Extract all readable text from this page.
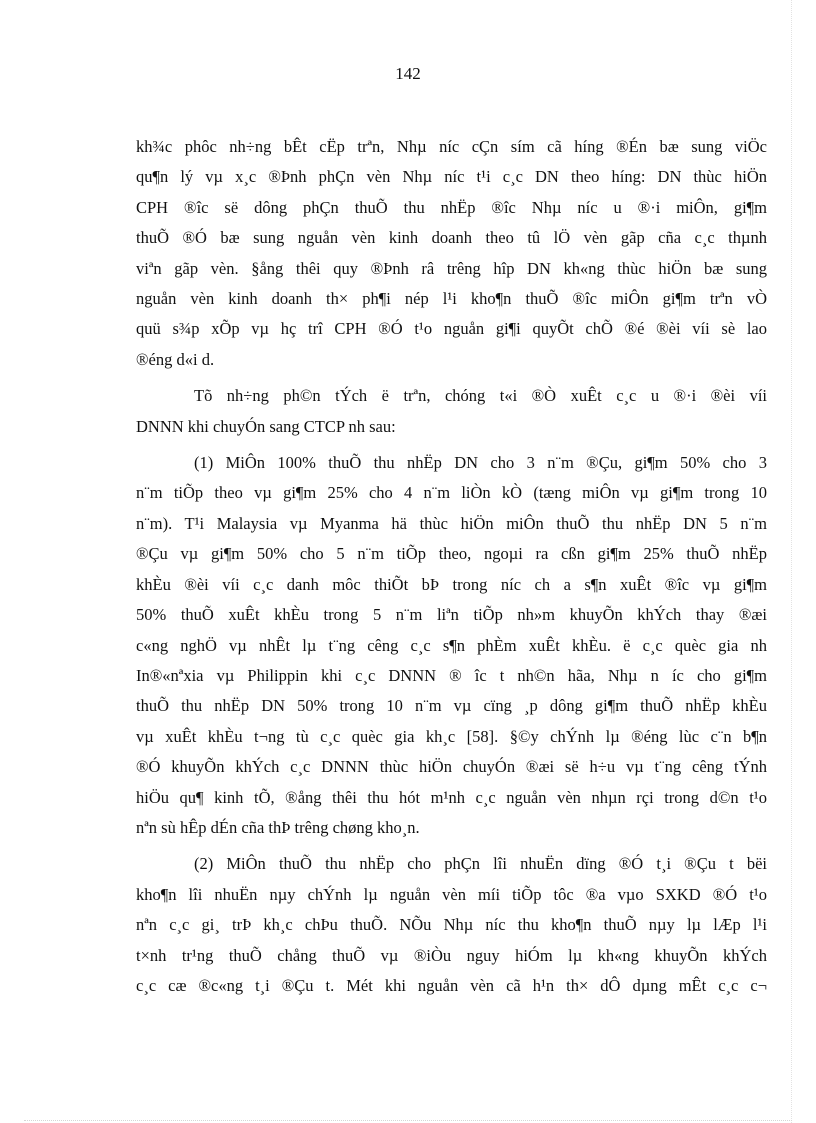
142
kh¾c phôc nh÷ng bÊt cËp trªn, Nhµ níc cÇn sím cã híng ®Én bæ sung viÖc
qu¶n lý vµ x¸c ®Þnh phÇn vèn Nhµ níc t¹i c¸c DN theo híng: DN thùc hiÖn
CPH ®îc së dông phÇn thuÕ thu nhËp ®îc Nhµ níc u ®·i miÔn, gi¶m
thuÕ ®Ó bæ sung nguån vèn kinh doanh theo tû lÖ vèn gãp cña c¸c thµnh
viªn gãp vèn. §ång thêi quy ®Þnh râ trêng hîp DN kh«ng thùc hiÖn bæ sung
nguån vèn kinh doanh th× ph¶i nép l¹i kho¶n thuÕ ®îc miÔn gi¶m trªn vÒ
quü s¾p xÕp vµ hç trî CPH ®Ó t¹o nguån gi¶i quyÕt chÕ ®é ®èi víi sè lao
®éng d«i d.
Tõ nh÷ng ph©n tÝch ë trªn, chóng t«i ®Ò xuÊt c¸c u ®·i ®èi víi
DNNN khi chuyÓn sang CTCP nh sau:
(1) MiÔn 100% thuÕ thu nhËp DN cho 3 n¨m ®Çu, gi¶m 50% cho 3
n¨m tiÕp theo vµ gi¶m 25% cho 4 n¨m liÒn kÒ (tæng miÔn vµ gi¶m trong 10
n¨m). T¹i Malaysia vµ Myanma hä thùc hiÖn miÔn thuÕ thu nhËp DN 5 n¨m
®Çu vµ gi¶m 50% cho 5 n¨m tiÕp theo, ngoµi ra cßn gi¶m 25% thuÕ nhËp
khÈu ®èi víi c¸c danh môc thiÕt bÞ trong níc ch a s¶n xuÊt ®îc vµ gi¶m
50% thuÕ xuÊt khÈu trong 5 n¨m liªn tiÕp nh»m khuyÕn khÝch thay ®æi
c«ng nghÖ vµ nhÊt lµ t¨ng cêng c¸c s¶n phÈm xuÊt khÈu. ë c¸c quèc gia nh
In®«nªxia vµ Philippin khi c¸c DNNN ® îc t nh©n hãa, Nhµ n íc cho gi¶m
thuÕ thu nhËp DN 50% trong 10 n¨m vµ cïng ¸p dông gi¶m thuÕ nhËp khÈu
vµ xuÊt khÈu t¬ng tù c¸c quèc gia kh¸c [58]. §©y chÝnh lµ ®éng lùc c¨n b¶n
®Ó khuyÕn khÝch c¸c DNNN thùc hiÖn chuyÓn ®æi së h÷u vµ t¨ng cêng tÝnh
hiÖu qu¶ kinh tÕ, ®ång thêi thu hót m¹nh c¸c nguån vèn nhµn rçi trong d©n t¹o
nªn sù hÊp dÉn cña thÞ trêng chøng kho¸n.
(2) MiÔn thuÕ thu nhËp cho phÇn lîi nhuËn dïng ®Ó t¸i ®Çu t bëi
kho¶n lîi nhuËn nµy chÝnh lµ nguån vèn míi tiÕp tôc ®a vµo SXKD ®Ó t¹o
nªn c¸c gi¸ trÞ kh¸c chÞu thuÕ. NÕu Nhµ níc thu kho¶n thuÕ nµy lµ lÆp l¹i
t×nh tr¹ng thuÕ chång thuÕ vµ ®iÒu nguy hiÓm lµ kh«ng khuyÕn khÝch
c¸c cæ ®c«ng t¸i ®Çu t. Mét khi nguån vèn cã h¹n th× dÔ dµng mÊt c¸c c¬
